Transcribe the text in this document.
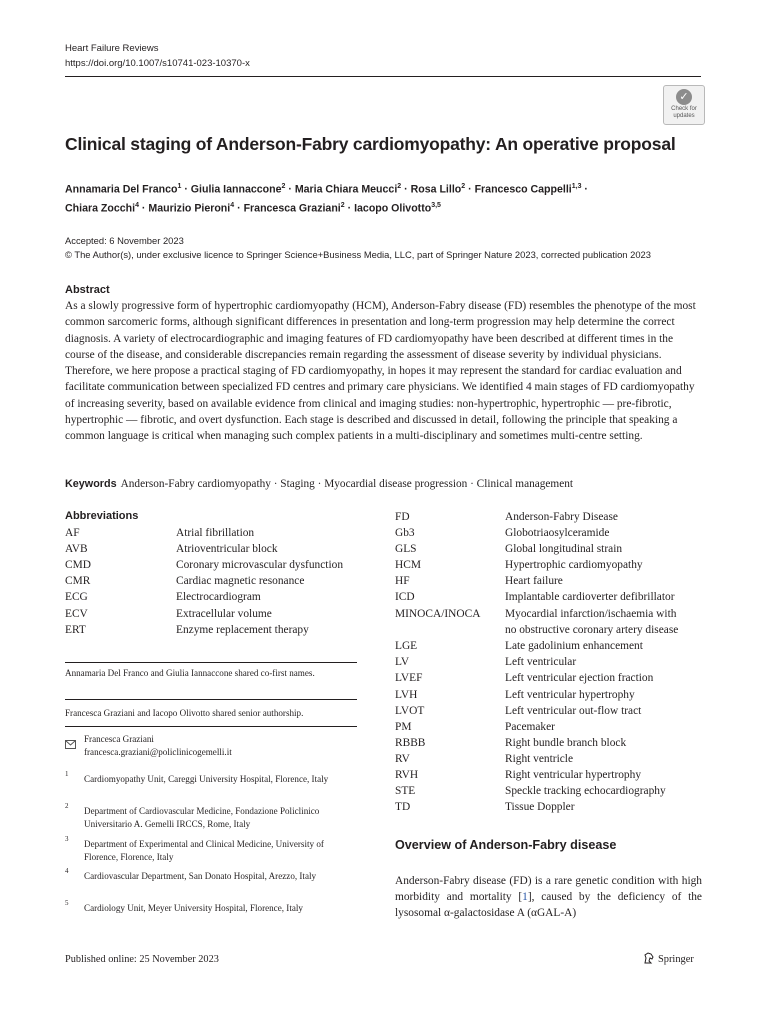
Heart Failure Reviews
https://doi.org/10.1007/s10741-023-10370-x
✓
Check for
updates
Clinical staging of Anderson-Fabry cardiomyopathy: An operative proposal
Annamaria Del Franco$^1$ · Giulia Iannaccone$^2$ · Maria Chiara Meucci$^2$ · Rosa Lillo$^2$ · Francesco Cappelli$^{1,3}$ ·
Chiara Zocchi$^4$ · Maurizio Pieroni$^4$ · Francesca Graziani$^2$ · Iacopo Olivotto$^{3,5}$
Accepted: 6 November 2023
© The Author(s), under exclusive licence to Springer Science+Business Media, LLC, part of Springer Nature 2023, corrected publication 2023
Abstract
As a slowly progressive form of hypertrophic cardiomyopathy (HCM), Anderson-Fabry disease (FD) resembles the phenotype of the most common sarcomeric forms, although significant differences in presentation and long-term progression may help determine the correct diagnosis. A variety of electrocardiographic and imaging features of FD cardiomyopathy have been described at different times in the course of the disease, and considerable discrepancies remain regarding the assessment of disease severity by individual physicians. Therefore, we here propose a practical staging of FD cardiomyopathy, in hopes it may represent the standard for cardiac evaluation and facilitate communication between specialized FD centres and primary care physicians. We identified 4 main stages of FD cardiomyopathy of increasing severity, based on available evidence from clinical and imaging studies: non-hypertrophic, hypertrophic — pre-fibrotic, hypertrophic — fibrotic, and overt dysfunction. Each stage is described and discussed in detail, following the principle that speaking a common language is critical when managing such complex patients in a multi-disciplinary and sometimes multi-centre setting.
Keywords Anderson-Fabry cardiomyopathy · Staging · Myocardial disease progression · Clinical management
Abbreviations
AF	Atrial fibrillation
AVB	Atrioventricular block
CMD	Coronary microvascular dysfunction
CMR	Cardiac magnetic resonance
ECG	Electrocardiogram
ECV	Extracellular volume
ERT	Enzyme replacement therapy
FD	Anderson-Fabry Disease
Gb3	Globotriaosylceramide
GLS	Global longitudinal strain
HCM	Hypertrophic cardiomyopathy
HF	Heart failure
ICD	Implantable cardioverter defibrillator
MINOCA/INOCA Myocardial infarction/ischaemia with
no obstructive coronary artery disease
LGE	Late gadolinium enhancement
LV	Left ventricular
LVEF	Left ventricular ejection fraction
LVH	Left ventricular hypertrophy
LVOT	Left ventricular out-flow tract
PM	Pacemaker
RBBB	Right bundle branch block
RV	Right ventricle
RVH	Right ventricular hypertrophy
STE	Speckle tracking echocardiography
TD	Tissue Doppler
Annamaria Del Franco and Giulia Iannaccone shared co-first names.
Francesca Graziani and Iacopo Olivotto shared senior authorship.
Francesca Graziani
francesca.graziani@policlinicogemelli.it
1 Cardiomyopathy Unit, Careggi University Hospital, Florence, Italy
2 Department of Cardiovascular Medicine, Fondazione Policlinico Universitario A. Gemelli IRCCS, Rome, Italy
3 Department of Experimental and Clinical Medicine, University of Florence, Florence, Italy
4 Cardiovascular Department, San Donato Hospital, Arezzo, Italy
5 Cardiology Unit, Meyer University Hospital, Florence, Italy
Overview of Anderson-Fabry disease
Anderson-Fabry disease (FD) is a rare genetic condition with high morbidity and mortality [1], caused by the deficiency of the lysosomal α-galactosidase A (αGAL-A)
Published online: 25 November 2023	Springer
